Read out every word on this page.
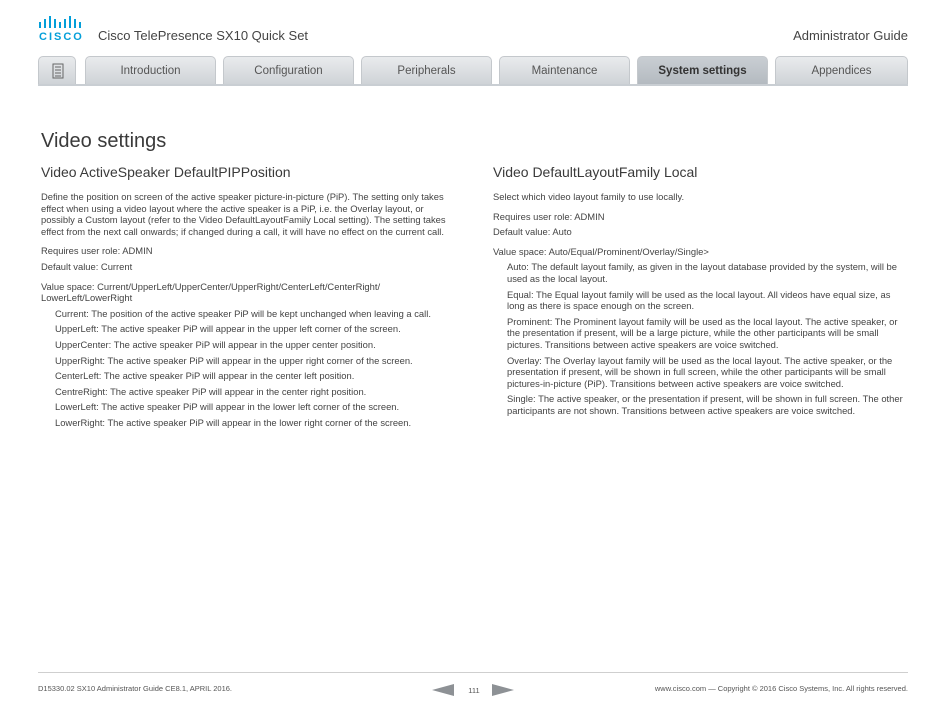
CISCO Cisco TelePresence SX10 Quick Set	Administrator Guide
Introduction	Configuration	Peripherals	Maintenance	System settings	Appendices
Video settings
Video ActiveSpeaker DefaultPIPPosition

Define the position on screen of the active speaker picture-in-picture (PiP). The setting only takes effect when using a video layout where the active speaker is a PiP, i.e. the Overlay layout, or possibly a Custom layout (refer to the Video DefaultLayoutFamily Local setting). The setting takes effect from the next call onwards; if changed during a call, it will have no effect on the current call.

Requires user role: ADMIN

Default value: Current

Value space: Current/UpperLeft/UpperCenter/UpperRight/CenterLeft/CenterRight/ LowerLeft/LowerRight

Current: The position of the active speaker PiP will be kept unchanged when leaving a call.
UpperLeft: The active speaker PiP will appear in the upper left corner of the screen.
UpperCenter: The active speaker PiP will appear in the upper center position.
UpperRight: The active speaker PiP will appear in the upper right corner of the screen.
CenterLeft: The active speaker PiP will appear in the center left position.
CentreRight: The active speaker PiP will appear in the center right position.
LowerLeft: The active speaker PiP will appear in the lower left corner of the screen.
LowerRight: The active speaker PiP will appear in the lower right corner of the screen.
Video DefaultLayoutFamily Local

Select which video layout family to use locally.

Requires user role: ADMIN

Default value: Auto

Value space: Auto/Equal/Prominent/Overlay/Single>

Auto: The default layout family, as given in the layout database provided by the system, will be used as the local layout.
Equal: The Equal layout family will be used as the local layout. All videos have equal size, as long as there is space enough on the screen.
Prominent: The Prominent layout family will be used as the local layout. The active speaker, or the presentation if present, will be a large picture, while the other participants will be small pictures. Transitions between active speakers are voice switched.
Overlay: The Overlay layout family will be used as the local layout. The active speaker, or the presentation if present, will be shown in full screen, while the other participants will be small pictures-in-picture (PiP). Transitions between active speakers are voice switched.
Single: The active speaker, or the presentation if present, will be shown in full screen. The other participants are not shown. Transitions between active speakers are voice switched.
D15330.02 SX10 Administrator Guide CE8.1, APRIL 2016.	111	www.cisco.com — Copyright © 2016 Cisco Systems, Inc. All rights reserved.
